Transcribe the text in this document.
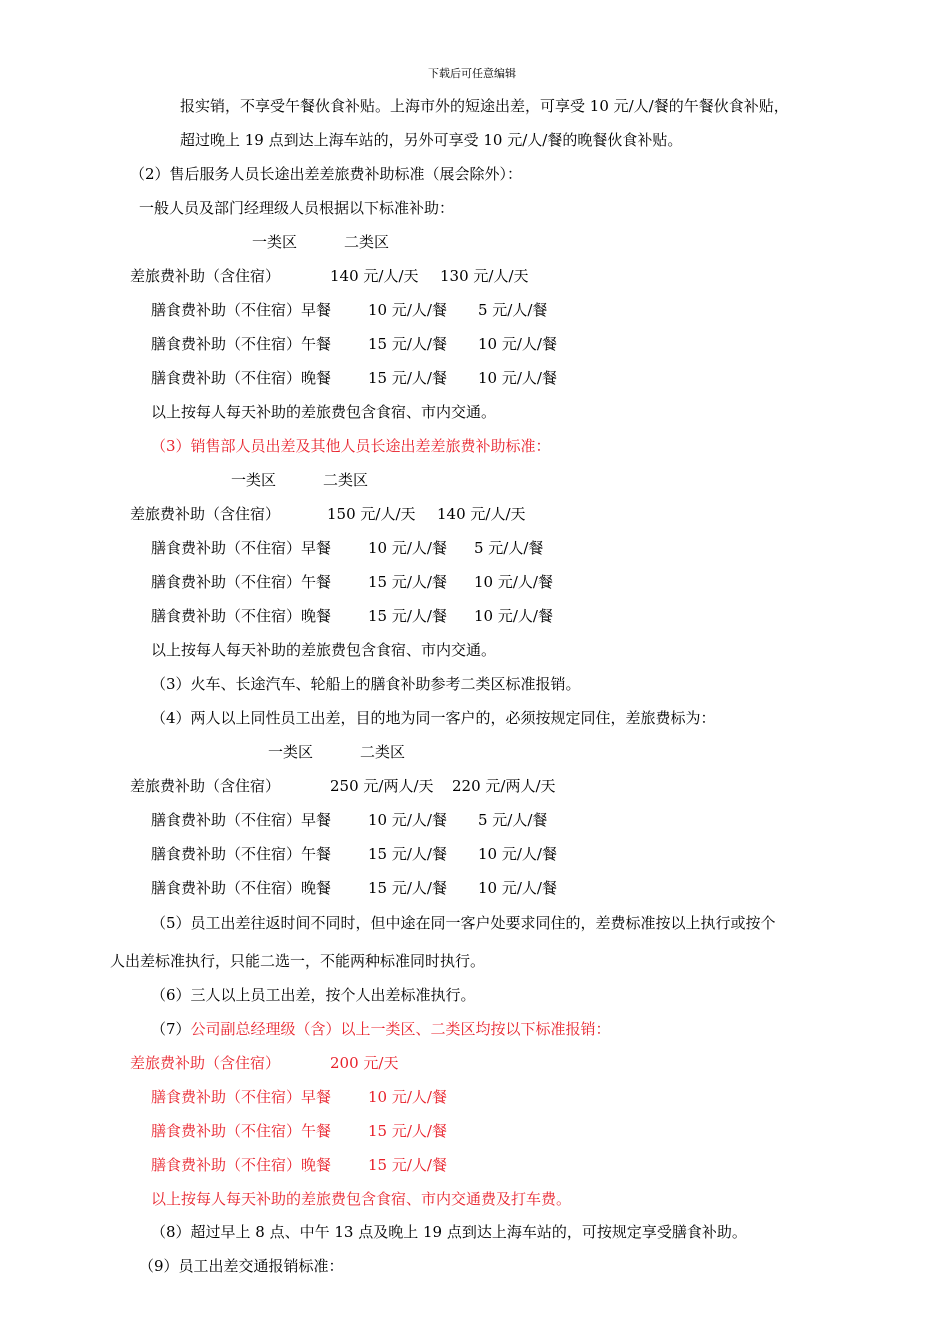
下载后可任意编辑
报实销，不享受午餐伙食补贴。上海市外的短途出差，可享受 10 元/人/餐的午餐伙食补贴，
超过晚上 19 点到达上海车站的，另外可享受 10 元/人/餐的晚餐伙食补贴。
（2）售后服务人员长途出差差旅费补助标准（展会除外）：
一般人员及部门经理级人员根据以下标准补助：
一类区	二类区
差旅费补助（含住宿）	140 元/人/天 130 元/人/天
膳食费补助（不住宿）早餐 10 元/人/餐 5 元/人/餐
膳食费补助（不住宿）午餐 15 元/人/餐 10 元/人/餐
膳食费补助（不住宿）晚餐 15 元/人/餐 10 元/人/餐
以上按每人每天补助的差旅费包含食宿、市内交通。
（3）销售部人员出差及其他人员长途出差差旅费补助标准：
一类区	二类区
差旅费补助（含住宿）	150 元/人/天 140 元/人/天
膳食费补助（不住宿）早餐 10 元/人/餐 5 元/人/餐
膳食费补助（不住宿）午餐 15 元/人/餐 10 元/人/餐
膳食费补助（不住宿）晚餐 15 元/人/餐 10 元/人/餐
以上按每人每天补助的差旅费包含食宿、市内交通。
（3）火车、长途汽车、轮船上的膳食补助参考二类区标准报销。
（4）两人以上同性员工出差，目的地为同一客户的，必须按规定同住，差旅费标为：
一类区	二类区
差旅费补助（含住宿）	250 元/两人/天 220 元/两人/天
膳食费补助（不住宿）早餐 10 元/人/餐 5 元/人/餐
膳食费补助（不住宿）午餐 15 元/人/餐 10 元/人/餐
膳食费补助（不住宿）晚餐 15 元/人/餐 10 元/人/餐
（5）员工出差往返时间不同时，但中途在同一客户处要求同住的，差费标准按以上执行或按个
人出差标准执行，只能二选一，不能两种标准同时执行。
（6）三人以上员工出差，按个人出差标准执行。
（7）公司副总经理级（含）以上一类区、二类区均按以下标准报销：
差旅费补助（含住宿）	200 元/天
膳食费补助（不住宿）早餐 10 元/人/餐
膳食费补助（不住宿）午餐 15 元/人/餐
膳食费补助（不住宿）晚餐 15 元/人/餐
以上按每人每天补助的差旅费包含食宿、市内交通费及打车费。
（8）超过早上 8 点、中午 13 点及晚上 19 点到达上海车站的，可按规定享受膳食补助。
（9）员工出差交通报销标准：
